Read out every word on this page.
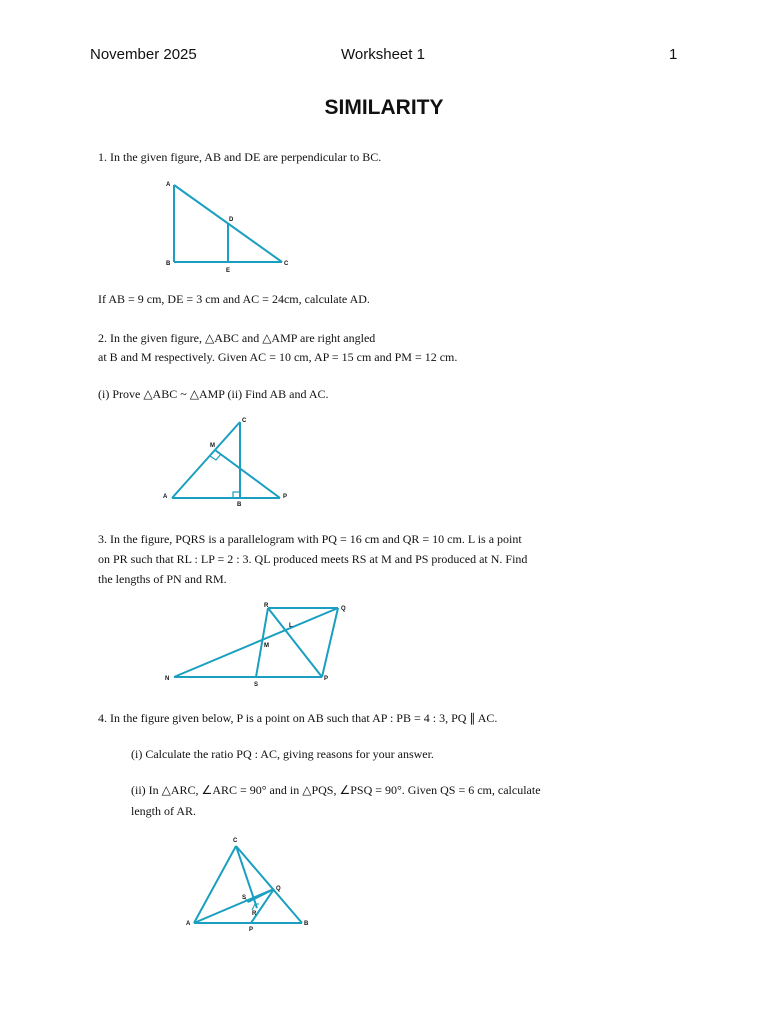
November 2025	Worksheet 1	1
SIMILARITY
1. In the given figure, AB and DE are perpendicular to BC.
A
B	C
D
E
If AB = 9 cm, DE = 3 cm and AC = 24cm, calculate AD.
2. In the given figure, △ABC and △AMP are right angled
at B and M respectively. Given AC = 10 cm, AP = 15 cm and PM = 12 cm.
(i) Prove △ABC ~ △AMP (ii) Find AB and AC.
C
M
A
B
P
3. In the figure, PQRS is a parallelogram with PQ = 16 cm and QR = 10 cm. L is a point
on PR such that RL : LP = 2 : 3. QL produced meets RS at M and PS produced at N. Find
the lengths of PN and RM.
R	Q
L
M
N
S
P
4. In the figure given below, P is a point on AB such that AP : PB = 4 : 3, PQ ∥ AC.
(i) Calculate the ratio PQ : AC, giving reasons for your answer.
(ii) In △ARC, ∠ARC = 90° and in △PQS, ∠PSQ = 90°. Given QS = 6 cm, calculate
length of AR.
C
Q
S
R
A
P
B
